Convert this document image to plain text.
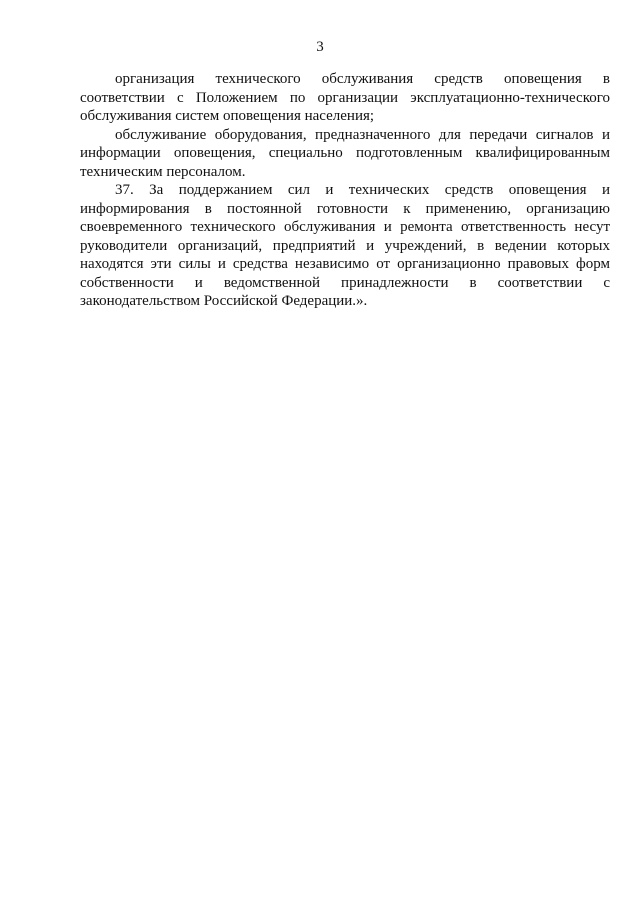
3

организация технического обслуживания средств оповещения в соответствии с Положением по организации эксплуатационно-технического обслуживания систем оповещения населения;

обслуживание оборудования, предназначенного для передачи сигналов и информации оповещения, специально подготовленным квалифицированным техническим персоналом.

37. За поддержанием сил и технических средств оповещения и информирования в постоянной готовности к применению, организацию своевременного технического обслуживания и ремонта ответственность несут руководители организаций, предприятий и учреждений, в ведении которых находятся эти силы и средства независимо от организационно правовых форм собственности и ведомственной принадлежности в соответствии с законодательством Российской Федерации.».
